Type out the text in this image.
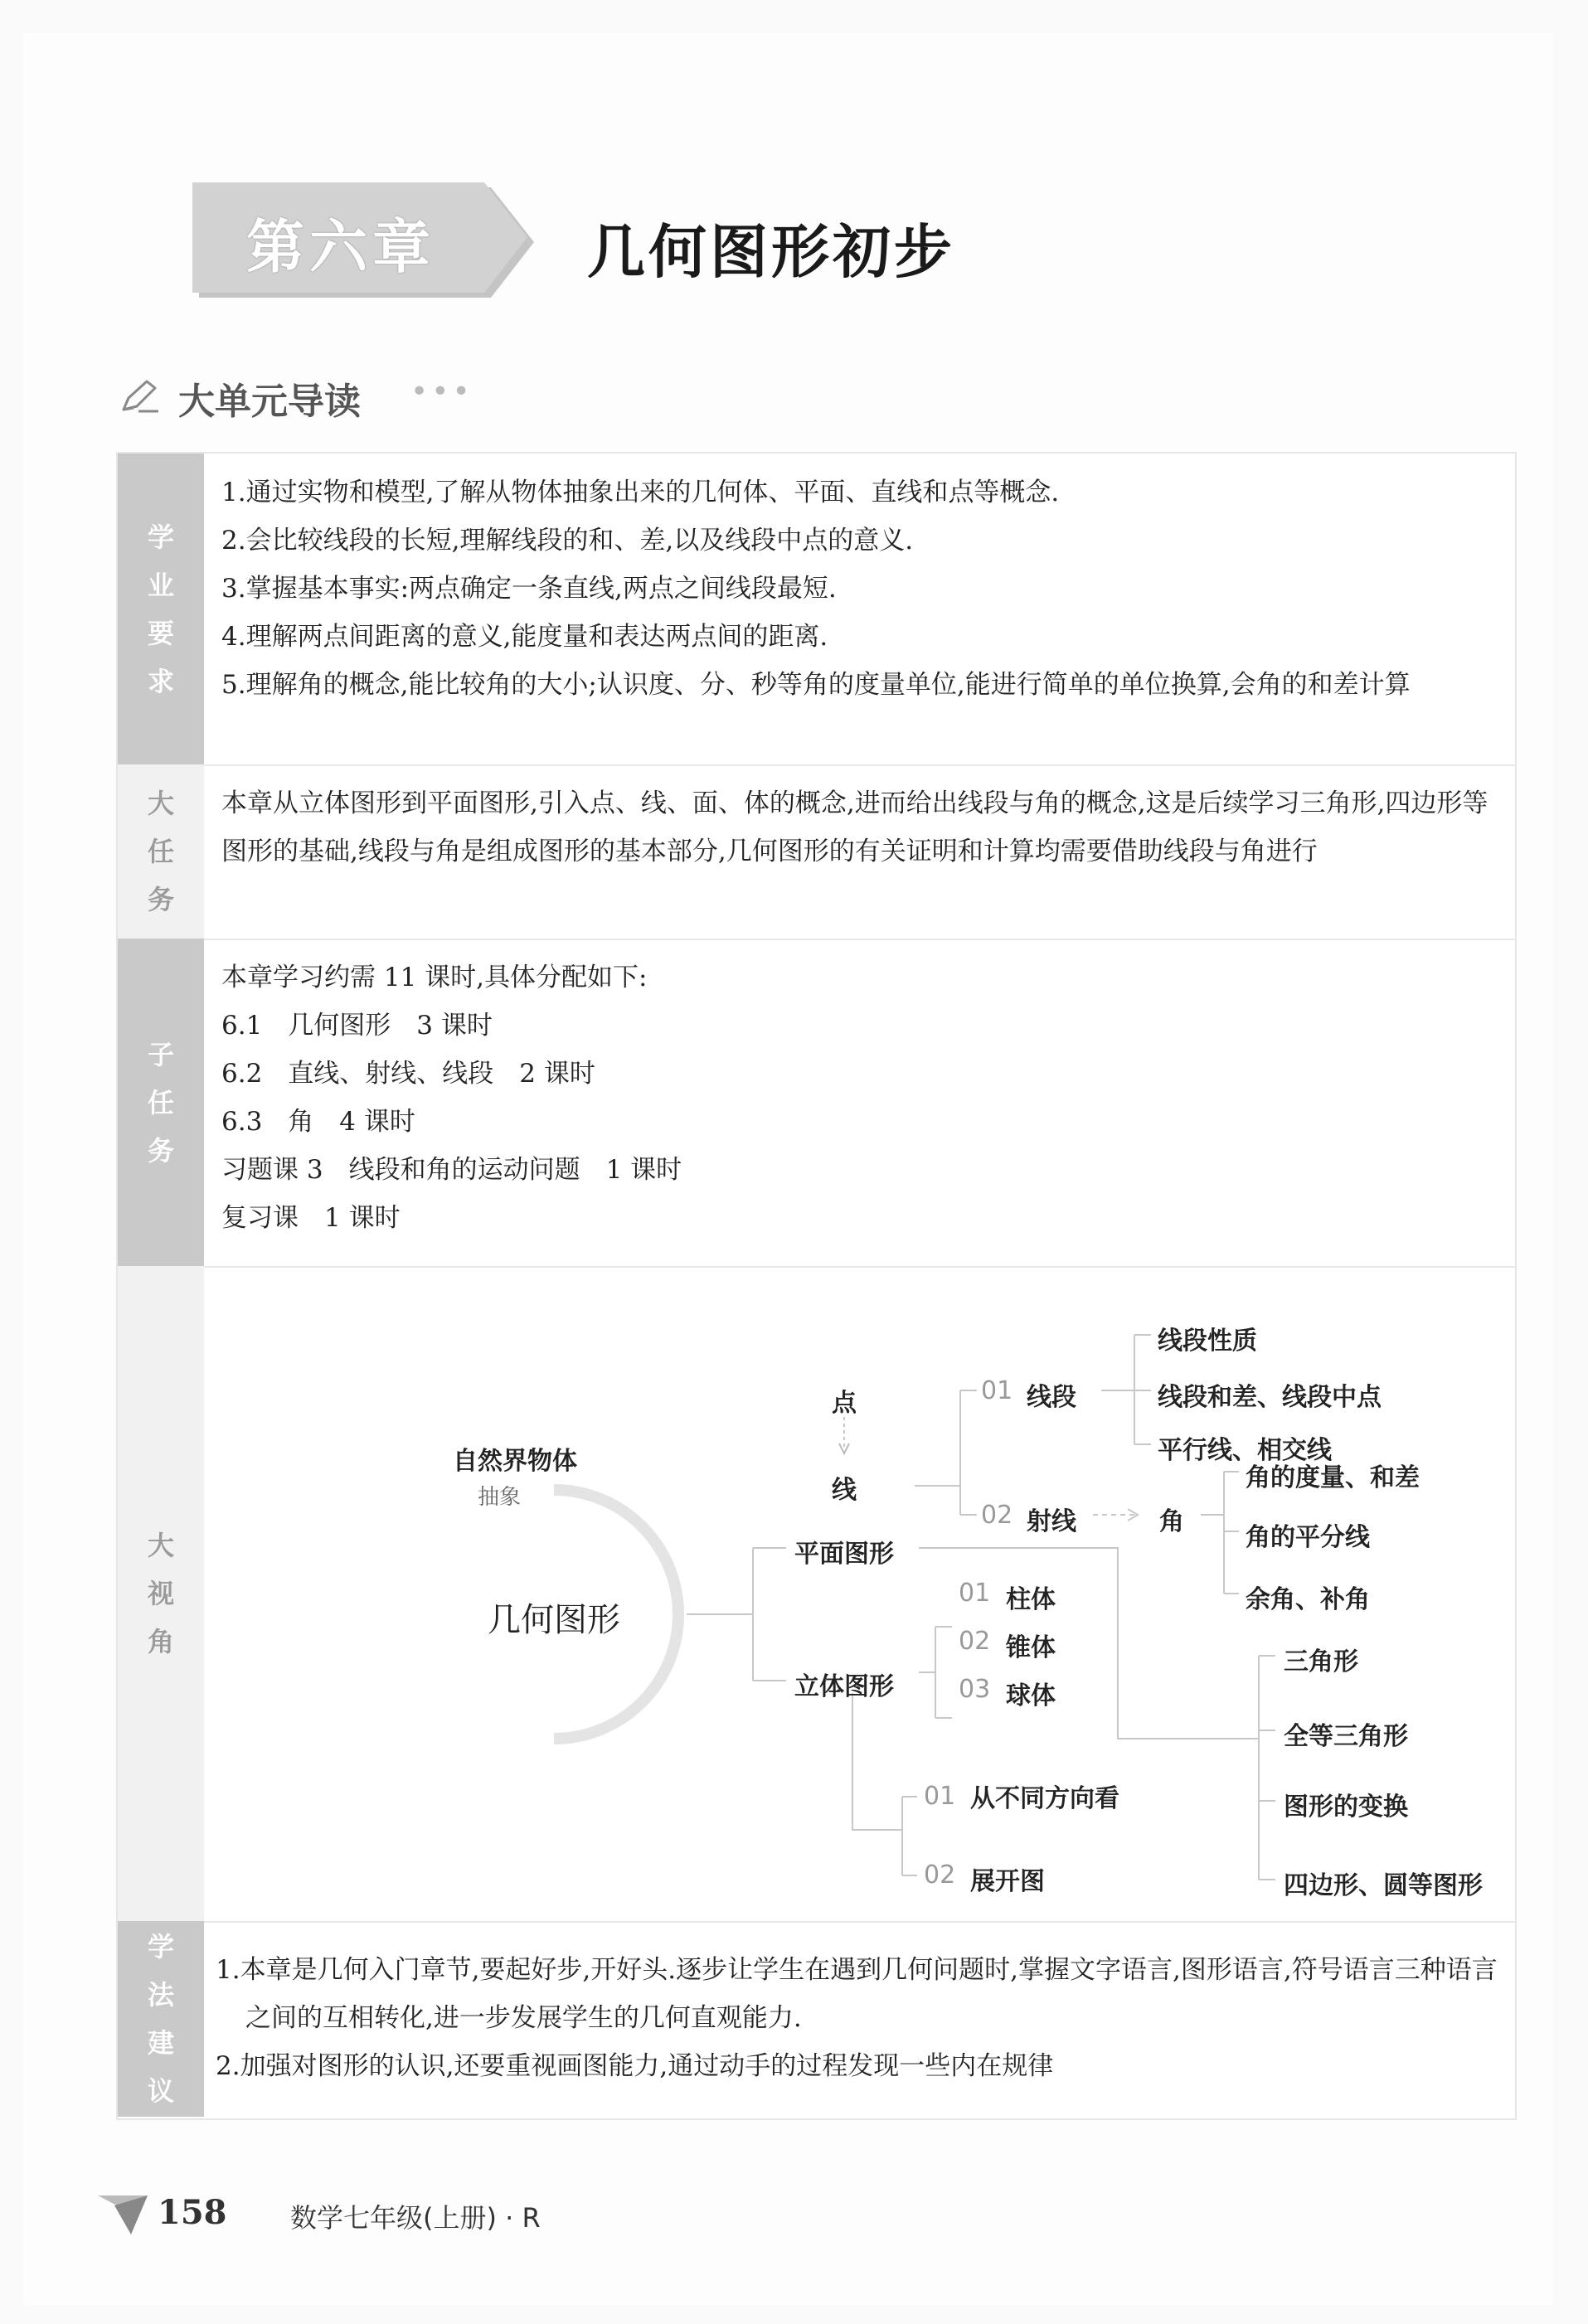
第六章	几何图形初步
大单元导读 •••
学
业
要
求

1.通过实物和模型,了解从物体抽象出来的几何体、平面、直线和点等概念.

2.会比较线段的长短,理解线段的和、差,以及线段中点的意义.

3.掌握基本事实:两点确定一条直线,两点之间线段最短.

4.理解两点间距离的意义,能度量和表达两点间的距离.

5.理解角的概念,能比较角的大小;认识度、分、秒等角的度量单位,能进行简单的单位换算,会角的和差计算

大
任
务

本章从立体图形到平面图形,引入点、线、面、体的概念,进而给出线段与角的概念,这是后续学习三角形,四边形等图形的基础,线段与角是组成图形的基本部分,几何图形的有关证明和计算均需要借助线段与角进行

子
任
务

本章学习约需 11 课时,具体分配如下:

6.1　几何图形　3 课时

6.2　直线、射线、线段　2 课时

6.3　角　4 课时

习题课 3　线段和角的运动问题　1 课时

复习课　1 课时

大
视
角
自然界物体
抽象
几何图形
点
线
平面图形
立体图形
01 线段
02 射线	角
线段性质
线段和差、线段中点
平行线、相交线
角的度量、和差
角的平分线
余角、补角
01 柱体
02 锥体
03 球体
01 从不同方向看
02 展开图
三角形
全等三角形
图形的变换
四边形、圆等图形
学
法
建
议

1.本章是几何入门章节,要起好步,开好头.逐步让学生在遇到几何问题时,掌握文字语言,图形语言,符号语言三种语言之间的互相转化,进一步发展学生的几何直观能力.

2.加强对图形的认识,还要重视画图能力,通过动手的过程发现一些内在规律

158 数学七年级(上册) · R
